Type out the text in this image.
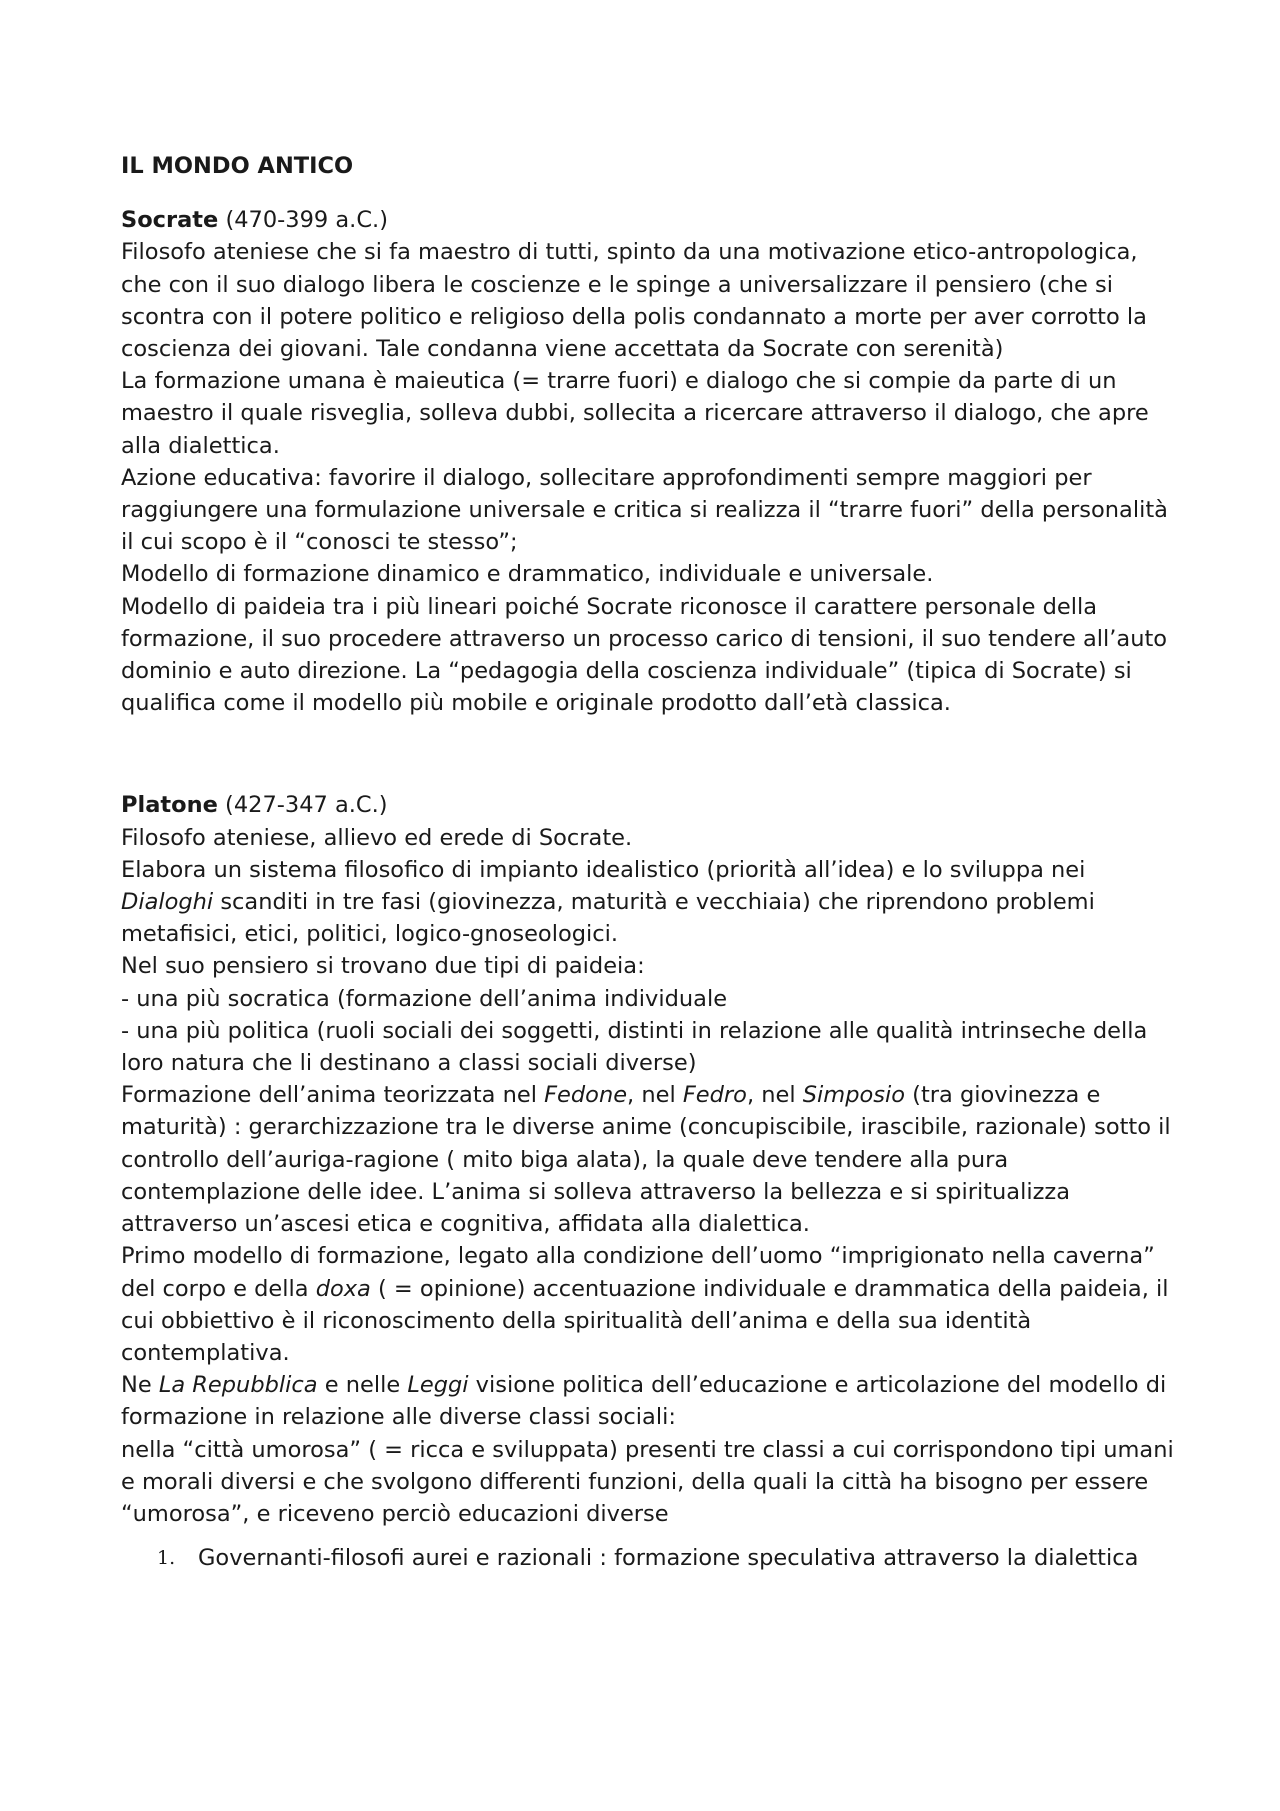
IL MONDO ANTICO

Socrate (470-399 a.C.)

Filosofo ateniese che si fa maestro di tutti, spinto da una motivazione etico-antropologica, che con il suo dialogo libera le coscienze e le spinge a universalizzare il pensiero (che si scontra con il potere politico e religioso della polis condannato a morte per aver corrotto la coscienza dei giovani. Tale condanna viene accettata da Socrate con serenità)

La formazione umana è maieutica (= trarre fuori) e dialogo che si compie da parte di un maestro il quale risveglia, solleva dubbi, sollecita a ricercare attraverso il dialogo, che apre alla dialettica.

Azione educativa: favorire il dialogo, sollecitare approfondimenti sempre maggiori per raggiungere una formulazione universale e critica si realizza il “trarre fuori” della personalità il cui scopo è il “conosci te stesso”;

Modello di formazione dinamico e drammatico, individuale e universale.

Modello di paideia tra i più lineari poiché Socrate riconosce il carattere personale della formazione, il suo procedere attraverso un processo carico di tensioni, il suo tendere all’auto dominio e auto direzione. La “pedagogia della coscienza individuale” (tipica di Socrate) si qualifica come il modello più mobile e originale prodotto dall’età classica.

Platone (427-347 a.C.)

Filosofo ateniese, allievo ed erede di Socrate.

Elabora un sistema filosofico di impianto idealistico (priorità all’idea) e lo sviluppa nei Dialoghi scanditi in tre fasi (giovinezza, maturità e vecchiaia) che riprendono problemi metafisici, etici, politici, logico-gnoseologici.

Nel suo pensiero si trovano due tipi di paideia:

- una più socratica (formazione dell’anima individuale

- una più politica (ruoli sociali dei soggetti, distinti in relazione alle qualità intrinseche della loro natura che li destinano a classi sociali diverse)

Formazione dell’anima teorizzata nel Fedone, nel Fedro, nel Simposio (tra giovinezza e maturità) : gerarchizzazione tra le diverse anime (concupiscibile, irascibile, razionale) sotto il controllo dell’auriga-ragione ( mito biga alata), la quale deve tendere alla pura contemplazione delle idee. L’anima si solleva attraverso la bellezza e si spiritualizza attraverso un’ascesi etica e cognitiva, affidata alla dialettica.

Primo modello di formazione, legato alla condizione dell’uomo “imprigionato nella caverna” del corpo e della doxa ( = opinione) accentuazione individuale e drammatica della paideia, il cui obbiettivo è il riconoscimento della spiritualità dell’anima e della sua identità contemplativa.

Ne La Repubblica e nelle Leggi visione politica dell’educazione e articolazione del modello di formazione in relazione alle diverse classi sociali:

nella “città umorosa” ( = ricca e sviluppata) presenti tre classi a cui corrispondono tipi umani e morali diversi e che svolgono differenti funzioni, della quali la città ha bisogno per essere “umorosa”, e riceveno perciò educazioni diverse

1. Governanti-filosofi aurei e razionali : formazione speculativa attraverso la dialettica
